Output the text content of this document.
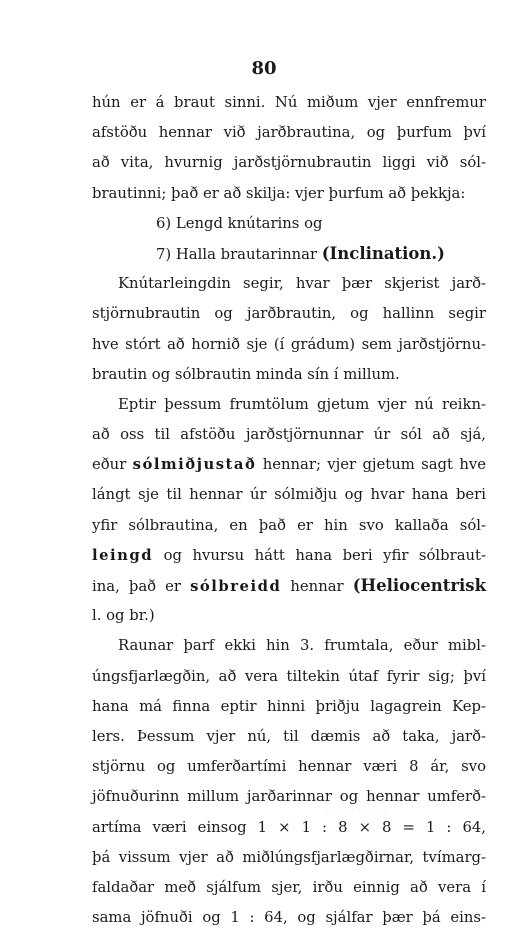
80
hún er á braut sinni. Nú miðum vjer ennfremur
afstöðu hennar við jarðbrautina, og þurfum því
að vita, hvurnig jarðstjörnubrautin liggi við sól-
brautinni; það er að skilja: vjer þurfum að þekkja:
6) Lengd knútarins og
7) Halla brautarinnar (Inclination.)
Knútarleingdin segir, hvar þær skjerist jarð-
stjörnubrautin og jarðbrautin, og hallinn segir
hve stórt að hornið sje (í grádum) sem jarðstjörnu-
brautin og sólbrautin minda sín í millum.
Eptir þessum frumtölum gjetum vjer nú reikn-
að oss til afstöðu jarðstjörnunnar úr sól að sjá,
eður sólmiðjustað hennar; vjer gjetum sagt hve
lángt sje til hennar úr sólmiðju og hvar hana beri
yfir sólbrautina, en það er hin svo kallaða sól-
leingd og hvursu hátt hana beri yfir sólbraut-
ina, það er sólbreidd hennar (Heliocentrisk
l. og br.)
Raunar þarf ekki hin 3. frumtala, eður mibl-
úngsfjarlægðin, að vera tiltekin útaf fyrir sig; því
hana má finna eptir hinni þriðju lagagrein Kep-
lers. Þessum vjer nú, til dæmis að taka, jarð-
stjörnu og umferðartími hennar væri 8 ár, svo
jöfnuðurinn millum jarðarinnar og hennar umferð-
artíma væri einsog 1 ⨯ 1 : 8 ⨯ 8 = 1 : 64,
þá vissum vjer að miðlúngsfjarlægðirnar, tvímarg-
faldaðar með sjálfum sjer, irðu einnig að vera í
sama jöfnuði og 1 : 64, og sjálfar þær þá eins-
· · · · · · · · · ·
